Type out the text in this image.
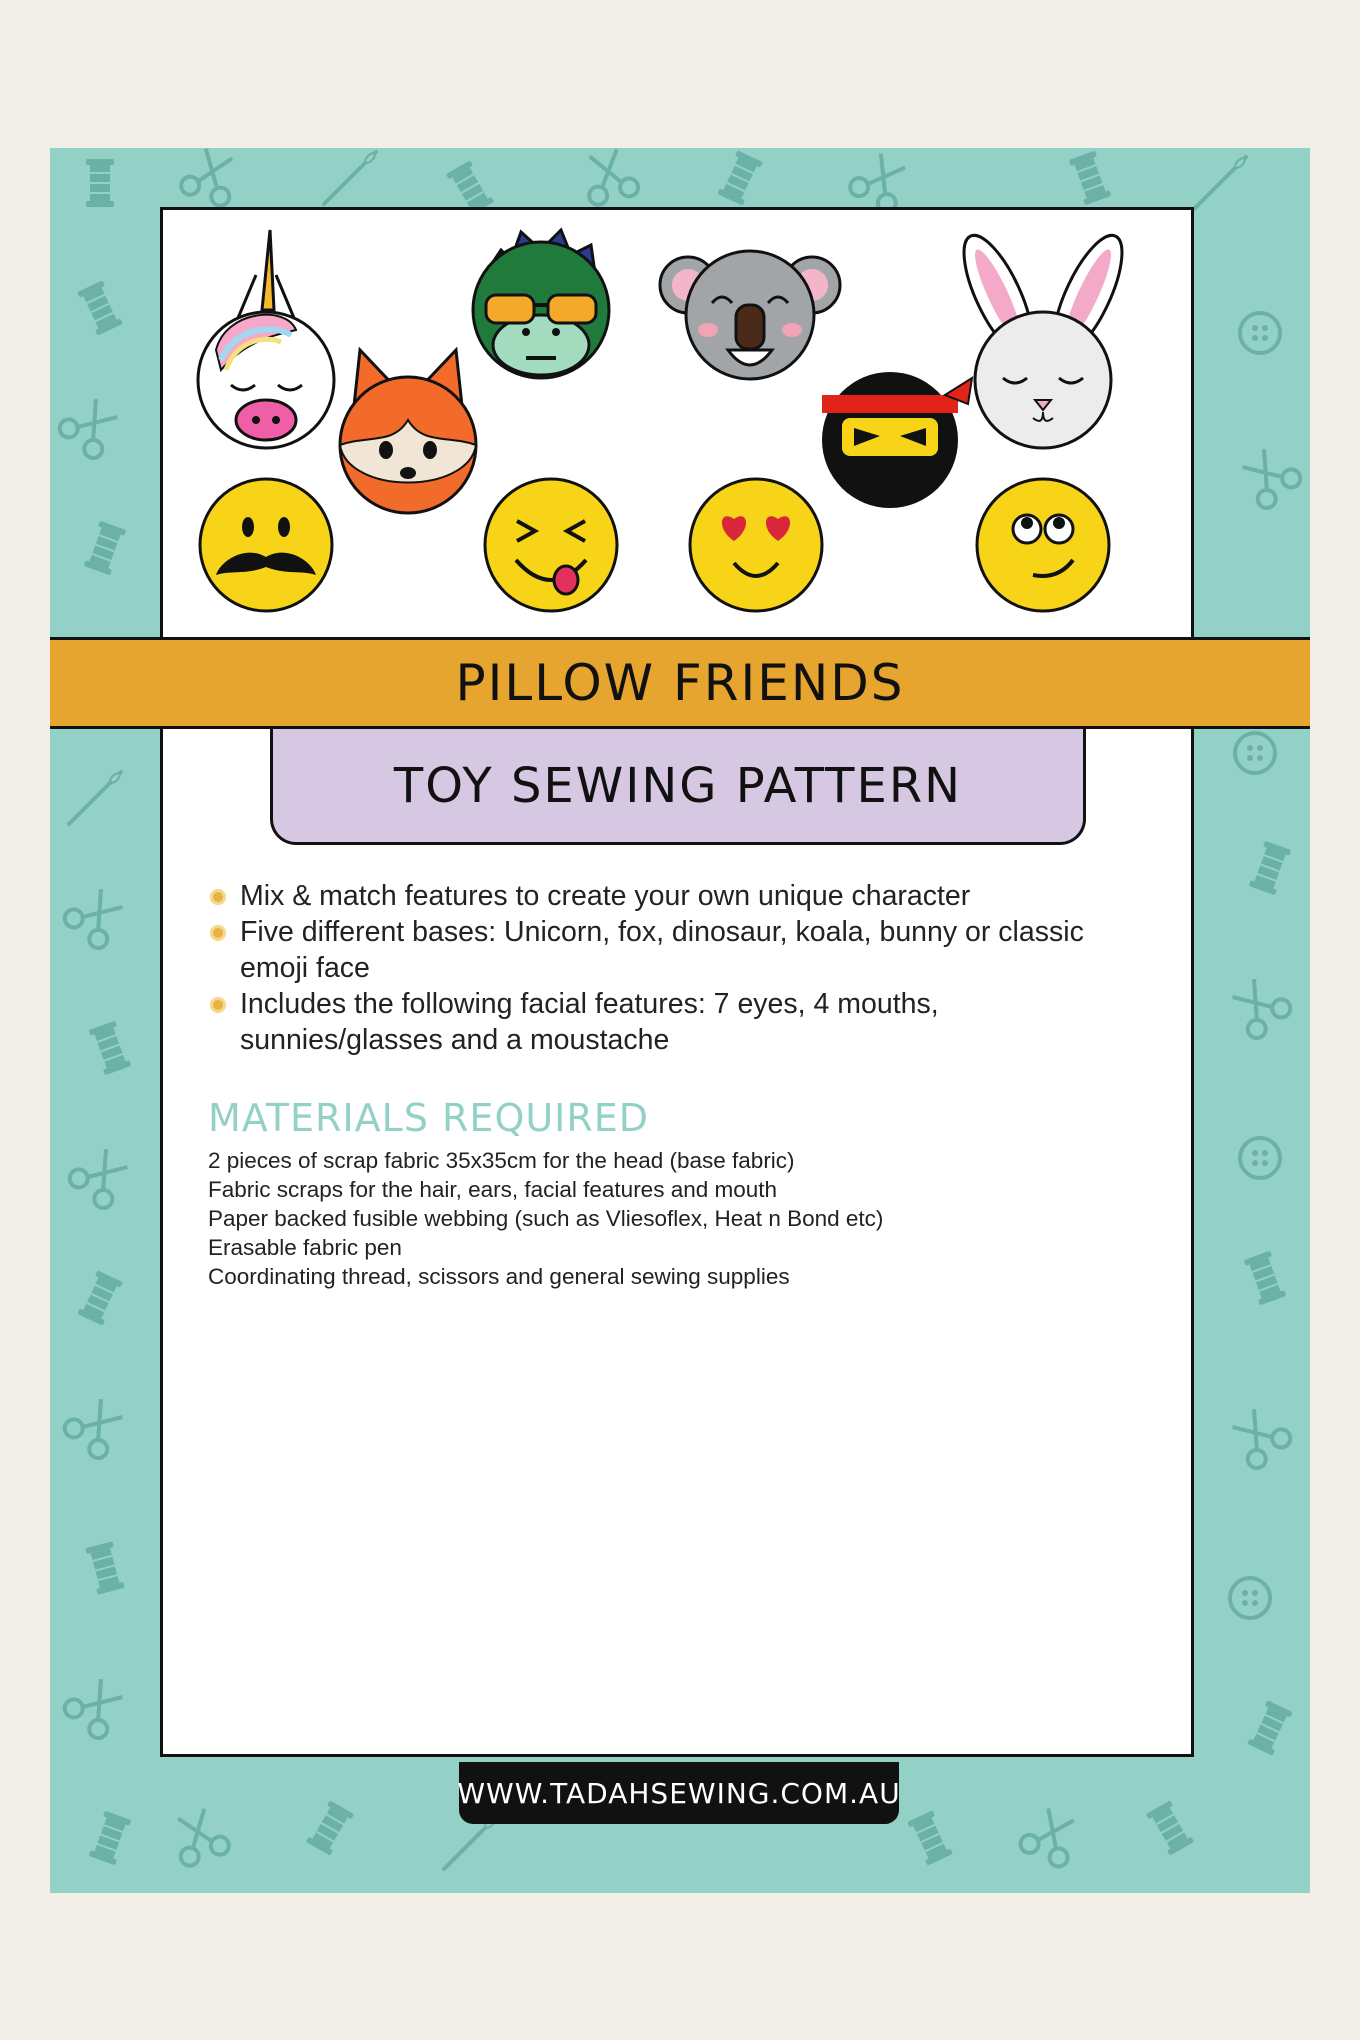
PILLOW FRIENDS
TOY SEWING PATTERN
Mix & match features to create your own unique character
Five different bases: Unicorn, fox, dinosaur, koala, bunny or classic emoji face
Includes the following facial features: 7 eyes, 4 mouths, sunnies/glasses and a moustache
MATERIALS REQUIRED
2 pieces of scrap fabric 35x35cm for the head (base fabric)
Fabric scraps for the hair, ears, facial features and mouth
Paper backed fusible webbing (such as Vliesoflex, Heat n Bond etc)
Erasable fabric pen
Coordinating thread, scissors and general sewing supplies
WWW.TADAHSEWING.COM.AU
